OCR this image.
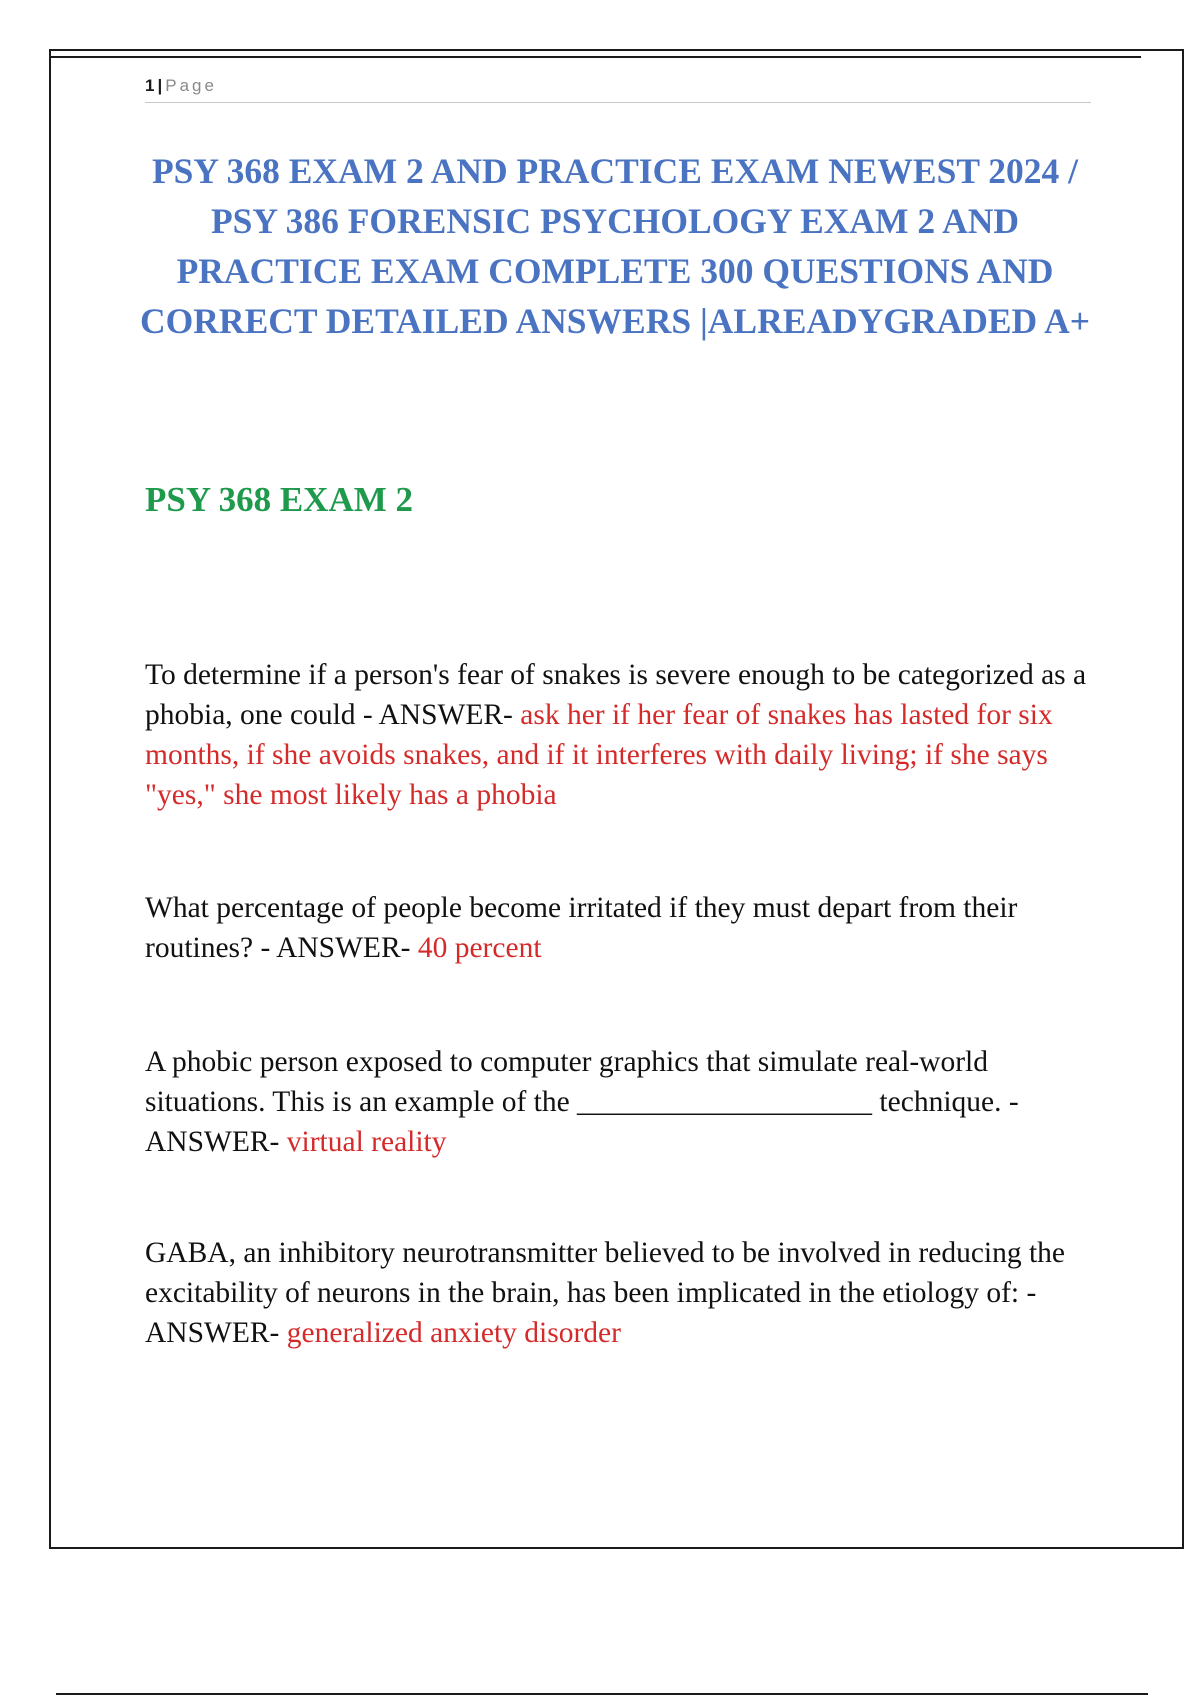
1 | Page
PSY 368 EXAM 2 AND PRACTICE EXAM NEWEST 2024 / PSY 386 FORENSIC PSYCHOLOGY EXAM 2 AND PRACTICE EXAM COMPLETE 300 QUESTIONS AND CORRECT DETAILED ANSWERS |ALREADYGRADED A+
PSY 368 EXAM 2
To determine if a person's fear of snakes is severe enough to be categorized as a phobia, one could - ANSWER- ask her if her fear of snakes has lasted for six months, if she avoids snakes, and if it interferes with daily living; if she says "yes," she most likely has a phobia
What percentage of people become irritated if they must depart from their routines? - ANSWER- 40 percent
A phobic person exposed to computer graphics that simulate real-world situations. This is an example of the ____________________ technique. - ANSWER- virtual reality
GABA, an inhibitory neurotransmitter believed to be involved in reducing the excitability of neurons in the brain, has been implicated in the etiology of: - ANSWER- generalized anxiety disorder
